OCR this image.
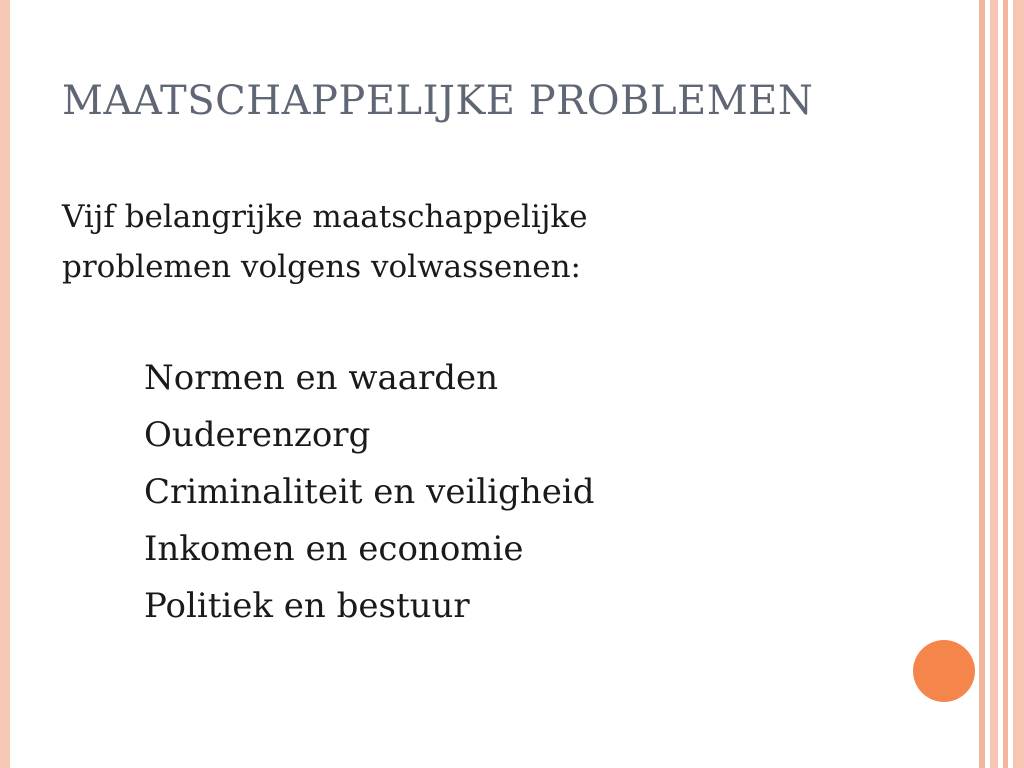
MAATSCHAPPELIJKE PROBLEMEN
Vijf belangrijke maatschappelijke problemen volgens volwassenen:
Normen en waarden
Ouderenzorg
Criminaliteit en veiligheid
Inkomen en economie
Politiek en bestuur
